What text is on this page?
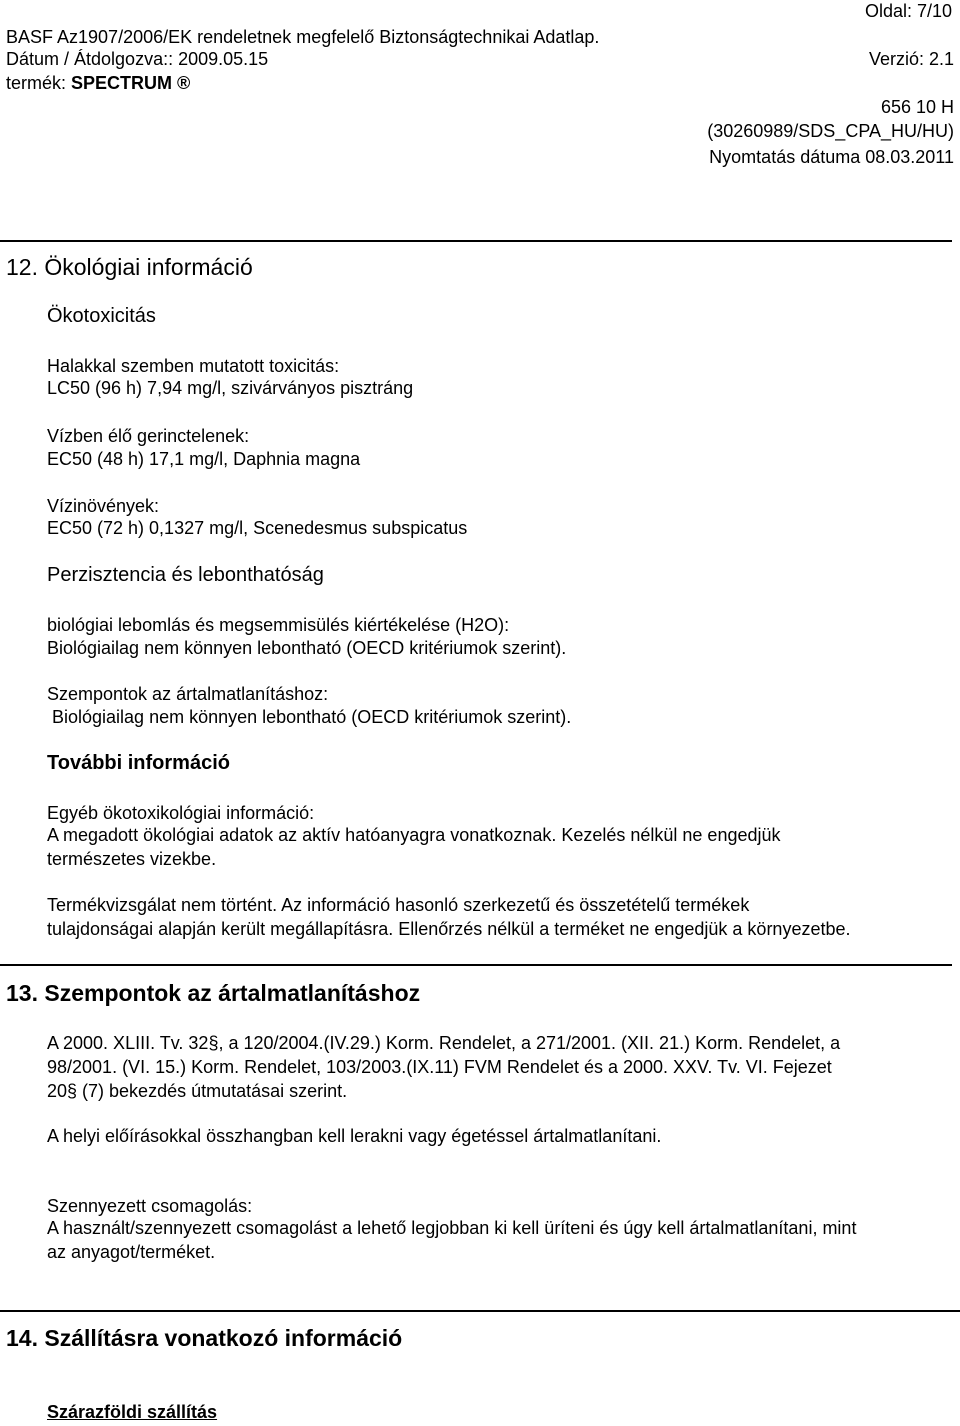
Oldal: 7/10
BASF Az1907/2006/EK rendeletnek megfelelő Biztonságtechnikai Adatlap.
Dátum / Átdolgozva:: 2009.05.15	Verzió: 2.1
termék: SPECTRUM ®
656 10 H
(30260989/SDS_CPA_HU/HU)
Nyomtatás dátuma 08.03.2011
12. Ökológiai információ
Ökotoxicitás
Halakkal szemben mutatott toxicitás:
LC50 (96 h) 7,94 mg/l, szivárványos pisztráng
Vízben élő gerinctelenek:
EC50 (48 h) 17,1 mg/l, Daphnia magna
Vízinövények:
EC50 (72 h) 0,1327 mg/l, Scenedesmus subspicatus
Perzisztencia és lebonthatóság
biológiai lebomlás és megsemmisülés kiértékelése (H2O):
Biológiailag nem könnyen lebontható (OECD kritériumok szerint).
Szempontok az ártalmatlanításhoz:
Biológiailag nem könnyen lebontható (OECD kritériumok szerint).
További információ
Egyéb ökotoxikológiai információ:
A megadott ökológiai adatok az aktív hatóanyagra vonatkoznak. Kezelés nélkül ne engedjük
természetes vizekbe.
Termékvizsgálat nem történt. Az információ hasonló szerkezetű és összetételű termékek
tulajdonságai alapján került megállapításra. Ellenőrzés nélkül a terméket ne engedjük a környezetbe.
13. Szempontok az ártalmatlanításhoz
A 2000. XLIII. Tv. 32§, a 120/2004.(IV.29.) Korm. Rendelet, a 271/2001. (XII. 21.) Korm. Rendelet, a
98/2001. (VI. 15.) Korm. Rendelet, 103/2003.(IX.11) FVM Rendelet és a 2000. XXV. Tv. VI. Fejezet
20§ (7) bekezdés útmutatásai szerint.
A helyi előírásokkal összhangban kell lerakni vagy égetéssel ártalmatlanítani.
Szennyezett csomagolás:
A használt/szennyezett csomagolást a lehető legjobban ki kell üríteni és úgy kell ártalmatlanítani, mint
az anyagot/terméket.
14. Szállításra vonatkozó információ
Szárazföldi szállítás
